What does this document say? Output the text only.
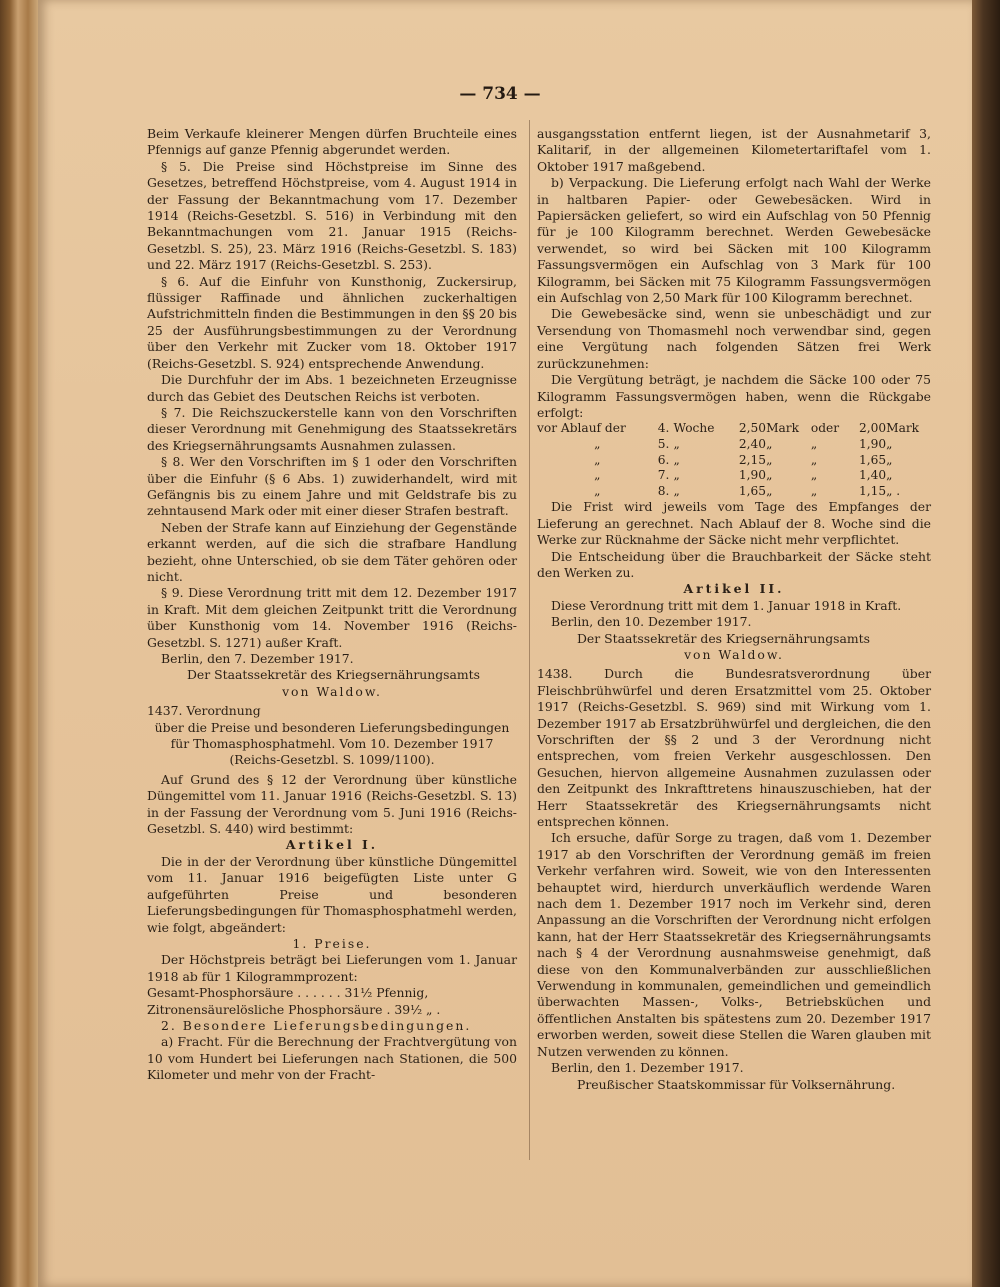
— 734 —

Beim Verkaufe kleinerer Mengen dürfen Bruchteile eines Pfennigs auf ganze Pfennig abgerundet werden.

§ 5. Die Preise sind Höchstpreise im Sinne des Gesetzes, betreffend Höchstpreise, vom 4. August 1914 in der Fassung der Bekanntmachung vom 17. Dezember 1914 (Reichs-Gesetzbl. S. 516) in Verbindung mit den Bekanntmachungen vom 21. Januar 1915 (Reichs-Gesetzbl. S. 25), 23. März 1916 (Reichs-Gesetzbl. S. 183) und 22. März 1917 (Reichs-Gesetzbl. S. 253).

§ 6. Auf die Einfuhr von Kunsthonig, Zuckersirup, flüssiger Raffinade und ähnlichen zuckerhaltigen Aufstrichmitteln finden die Bestimmungen in den §§ 20 bis 25 der Ausführungsbestimmungen zu der Verordnung über den Verkehr mit Zucker vom 18. Oktober 1917 (Reichs-Gesetzbl. S. 924) entsprechende Anwendung.

Die Durchfuhr der im Abs. 1 bezeichneten Erzeugnisse durch das Gebiet des Deutschen Reichs ist verboten.

§ 7. Die Reichszuckerstelle kann von den Vorschriften dieser Verordnung mit Genehmigung des Staatssekretärs des Kriegsernährungsamts Ausnahmen zulassen.

§ 8. Wer den Vorschriften im § 1 oder den Vorschriften über die Einfuhr (§ 6 Abs. 1) zuwiderhandelt, wird mit Gefängnis bis zu einem Jahre und mit Geldstrafe bis zu zehntausend Mark oder mit einer dieser Strafen bestraft.

Neben der Strafe kann auf Einziehung der Gegenstände erkannt werden, auf die sich die strafbare Handlung bezieht, ohne Unterschied, ob sie dem Täter gehören oder nicht.

§ 9. Diese Verordnung tritt mit dem 12. Dezember 1917 in Kraft. Mit dem gleichen Zeitpunkt tritt die Verordnung über Kunsthonig vom 14. November 1916 (Reichs-Gesetzbl. S. 1271) außer Kraft.

Berlin, den 7. Dezember 1917.

Der Staatssekretär des Kriegsernährungsamts

von Waldow.

1437. Verordnung

über die Preise und besonderen Lieferungsbedingungen für Thomasphosphatmehl. Vom 10. Dezember 1917 (Reichs-Gesetzbl. S. 1099/1100).

Auf Grund des § 12 der Verordnung über künstliche Düngemittel vom 11. Januar 1916 (Reichs-Gesetzbl. S. 13) in der Fassung der Verordnung vom 5. Juni 1916 (Reichs-Gesetzbl. S. 440) wird bestimmt:

Artikel I.

Die in der der Verordnung über künstliche Düngemittel vom 11. Januar 1916 beigefügten Liste unter G aufgeführten Preise und besonderen Lieferungsbedingungen für Thomasphosphatmehl werden, wie folgt, abgeändert:

1. Preise.

Der Höchstpreis beträgt bei Lieferungen vom 1. Januar 1918 ab für 1 Kilogrammprozent:

Gesamt-Phosphorsäure . . . . . . 31½ Pfennig,

Zitronensäurelösliche Phosphorsäure . 39½ „ .

2. Besondere Lieferungsbedingungen.

a) Fracht. Für die Berechnung der Frachtvergütung von 10 vom Hundert bei Lieferungen nach Stationen, die 500 Kilometer und mehr von der Fracht-

ausgangsstation entfernt liegen, ist der Ausnahmetarif 3, Kalitarif, in der allgemeinen Kilometertariftafel vom 1. Oktober 1917 maßgebend.

b) Verpackung. Die Lieferung erfolgt nach Wahl der Werke in haltbaren Papier- oder Gewebesäcken. Wird in Papiersäcken geliefert, so wird ein Aufschlag von 50 Pfennig für je 100 Kilogramm berechnet. Werden Gewebesäcke verwendet, so wird bei Säcken mit 100 Kilogramm Fassungsvermögen ein Aufschlag von 3 Mark für 100 Kilogramm, bei Säcken mit 75 Kilogramm Fassungsvermögen ein Aufschlag von 2,50 Mark für 100 Kilogramm berechnet.

Die Gewebesäcke sind, wenn sie unbeschädigt und zur Versendung von Thomasmehl noch verwendbar sind, gegen eine Vergütung nach folgenden Sätzen frei Werk zurückzunehmen:

Die Vergütung beträgt, je nachdem die Säcke 100 oder 75 Kilogramm Fassungsvermögen haben, wenn die Rückgabe erfolgt:

vor Ablauf der	4.	Woche	2,50	Mark	oder	2,00	Mark
„	5.	„	2,40	„	„	1,90	„
„	6.	„	2,15	„	„	1,65	„
„	7.	„	1,90	„	„	1,40	„
„	8.	„	1,65	„	„	1,15	„ .

Die Frist wird jeweils vom Tage des Empfanges der Lieferung an gerechnet. Nach Ablauf der 8. Woche sind die Werke zur Rücknahme der Säcke nicht mehr verpflichtet.

Die Entscheidung über die Brauchbarkeit der Säcke steht den Werken zu.

Artikel II.

Diese Verordnung tritt mit dem 1. Januar 1918 in Kraft.

Berlin, den 10. Dezember 1917.

Der Staatssekretär des Kriegsernährungsamts

von Waldow.

1438. Durch die Bundesratsverordnung über Fleischbrühwürfel und deren Ersatzmittel vom 25. Oktober 1917 (Reichs-Gesetzbl. S. 969) sind mit Wirkung vom 1. Dezember 1917 ab Ersatzbrühwürfel und dergleichen, die den Vorschriften der §§ 2 und 3 der Verordnung nicht entsprechen, vom freien Verkehr ausgeschlossen. Den Gesuchen, hiervon allgemeine Ausnahmen zuzulassen oder den Zeitpunkt des Inkrafttretens hinauszuschieben, hat der Herr Staatssekretär des Kriegsernährungsamts nicht entsprechen können.

Ich ersuche, dafür Sorge zu tragen, daß vom 1. Dezember 1917 ab den Vorschriften der Verordnung gemäß im freien Verkehr verfahren wird. Soweit, wie von den Interessenten behauptet wird, hierdurch unverkäuflich werdende Waren nach dem 1. Dezember 1917 noch im Verkehr sind, deren Anpassung an die Vorschriften der Verordnung nicht erfolgen kann, hat der Herr Staatssekretär des Kriegsernährungsamts nach § 4 der Verordnung ausnahmsweise genehmigt, daß diese von den Kommunalverbänden zur ausschließlichen Verwendung in kommunalen, gemeindlichen und gemeindlich überwachten Massen-, Volks-, Betriebsküchen und öffentlichen Anstalten bis spätestens zum 20. Dezember 1917 erworben werden, soweit diese Stellen die Waren glauben mit Nutzen verwenden zu können.

Berlin, den 1. Dezember 1917.

Preußischer Staatskommissar für Volksernährung.
